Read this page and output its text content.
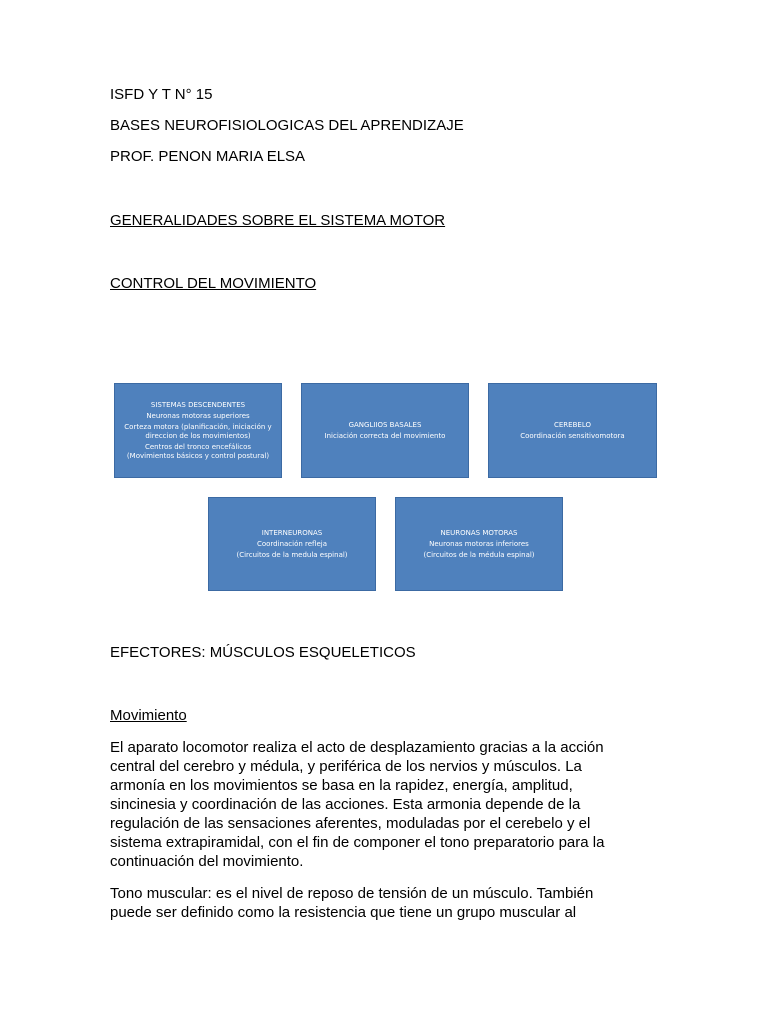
ISFD Y T N° 15
BASES NEUROFISIOLOGICAS DEL APRENDIZAJE
PROF. PENON MARIA ELSA
GENERALIDADES SOBRE EL SISTEMA MOTOR
CONTROL DEL MOVIMIENTO
SISTEMAS DESCENDENTES
Neuronas motoras superiores
Corteza motora (planificación, iniciación y
direccion de los movimientos)
Centros del tronco encefálicos
(Movimientos básicos y control postural)
GANGLIIOS BASALES
Iniciación correcta del movimiento
CEREBELO
Coordinación sensitivomotora
INTERNEURONAS
Coordinación refleja
(Circuitos de la medula espinal)
NEURONAS MOTORAS
Neuronas motoras inferiores
(Circuitos de la médula espinal)
EFECTORES: MÚSCULOS ESQUELETICOS
Movimiento
El aparato locomotor realiza el acto de desplazamiento gracias a la acción
central del cerebro y médula, y periférica de los nervios y músculos. La
armonía en los movimientos se basa en la rapidez, energía, amplitud,
sincinesia y coordinación de las acciones. Esta armonia depende de la
regulación de las sensaciones aferentes, moduladas por el cerebelo y el
sistema extrapiramidal, con el fin de componer el tono preparatorio para la
continuación del movimiento.
Tono muscular: es el nivel de reposo de tensión de un músculo. También
puede ser definido como la resistencia que tiene un grupo muscular al
